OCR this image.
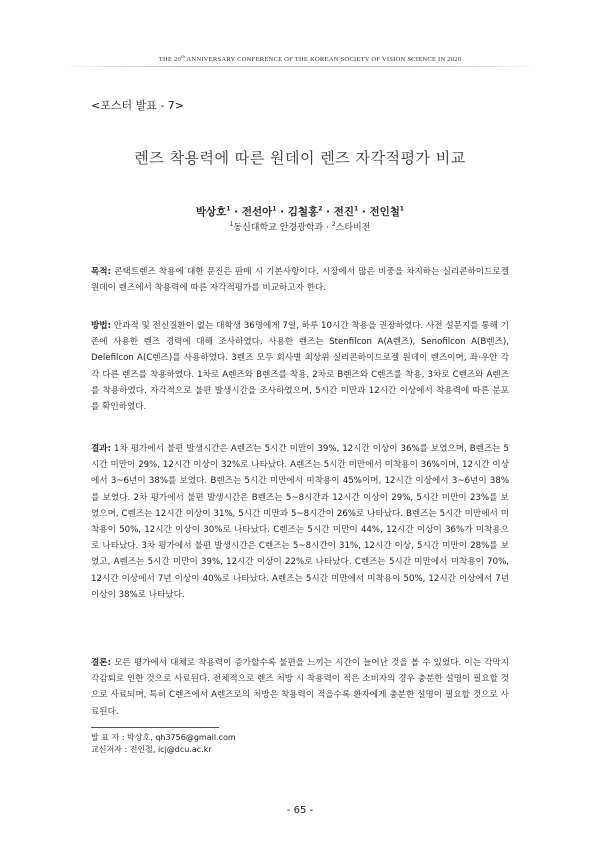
THE 20th ANNIVERSARY CONFERENCE OF THE KOREAN SOCIETY OF VISION SCIENCE IN 2020
<포스터 발표 - 7>
렌즈 착용력에 따른 원데이 렌즈 자각적평가 비교
박상호$^1$ · 전선아$^1$ · 김철홍$^2$ · 전진$^1$ · 전인철$^1$
$^1$동신대학교 안경광학과 · $^2$스타비전
목적: 콘택트렌즈 착용에 대한 문진은 판매 시 기본사항이다. 시장에서 많은 비중을 차지하는 실리콘하이드로겔 원데이 렌즈에서 착용력에 따른 자각적평가를 비교하고자 한다.
방법: 안과적 및 전신질환이 없는 대학생 36명에게 7일, 하루 10시간 착용을 권장하였다. 사전 설문지를 통해 기존에 사용한 렌즈 경력에 대해 조사하였다. 사용한 렌즈는 Stenfilcon A(A렌즈), Senofilcon A(B렌즈), Delefilcon A(C렌즈)를 사용하였다. 3렌즈 모두 회사별 최상위 실리콘하이드로겔 원데이 렌즈이며, 좌·우안 각각 다른 렌즈를 착용하였다. 1차로 A렌즈와 B렌즈를 착용, 2차로 B렌즈와 C렌즈를 착용, 3차로 C렌즈와 A렌즈를 착용하였다. 자각적으로 불편 발생시간을 조사하였으며, 5시간 미만과 12시간 이상에서 착용력에 따른 분포를 확인하였다.
결과: 1차 평가에서 불편 발생시간은 A렌즈는 5시간 미만이 39%, 12시간 이상이 36%를 보였으며, B렌즈는 5시간 미만이 29%, 12시간 이상이 32%로 나타났다. A렌즈는 5시간 미만에서 미착용이 36%이며, 12시간 이상에서 3~6년이 38%를 보였다. B렌즈는 5시간 미만에서 미착용이 45%이며, 12시간 이상에서 3~6년이 38%를 보였다. 2차 평가에서 불편 발생시간은 B렌즈는 5~8시간과 12시간 이상이 29%, 5시간 미만이 23%를 보였으며, C렌즈는 12시간 이상이 31%, 5시간 미만과 5~8시간이 26%로 나타났다. B렌즈는 5시간 미만에서 미착용이 50%, 12시간 이상이 30%로 나타났다. C렌즈는 5시간 미만이 44%, 12시간 이상이 36%가 미착용으로 나타났다. 3차 평가에서 불편 발생시간은 C렌즈는 5~8시간이 31%, 12시간 이상, 5시간 미만이 28%를 보였고, A렌즈는 5시간 미만이 39%, 12시간 이상이 22%로 나타났다. C렌즈는 5시간 미만에서 미착용이 70%, 12시간 이상에서 7년 이상이 40%로 나타났다. A렌즈는 5시간 미만에서 미착용이 50%, 12시간 이상에서 7년 이상이 38%로 나타났다.
결론: 모든 평가에서 대체로 착용력이 증가할수록 불편을 느끼는 시간이 늘어난 것을 볼 수 있었다. 이는 각막지각감퇴로 인한 것으로 사료된다. 전체적으로 렌즈 처방 시 착용력이 적은 소비자의 경우 충분한 설명이 필요할 것으로 사료되며, 특히 C렌즈에서 A렌즈로의 처방은 착용력이 적을수록 환자에게 충분한 설명이 필요할 것으로 사료된다.
발 표 자 : 박상호, qh3756@gmail.com
교신저자 : 전인철, icj@dcu.ac.kr
- 65 -
